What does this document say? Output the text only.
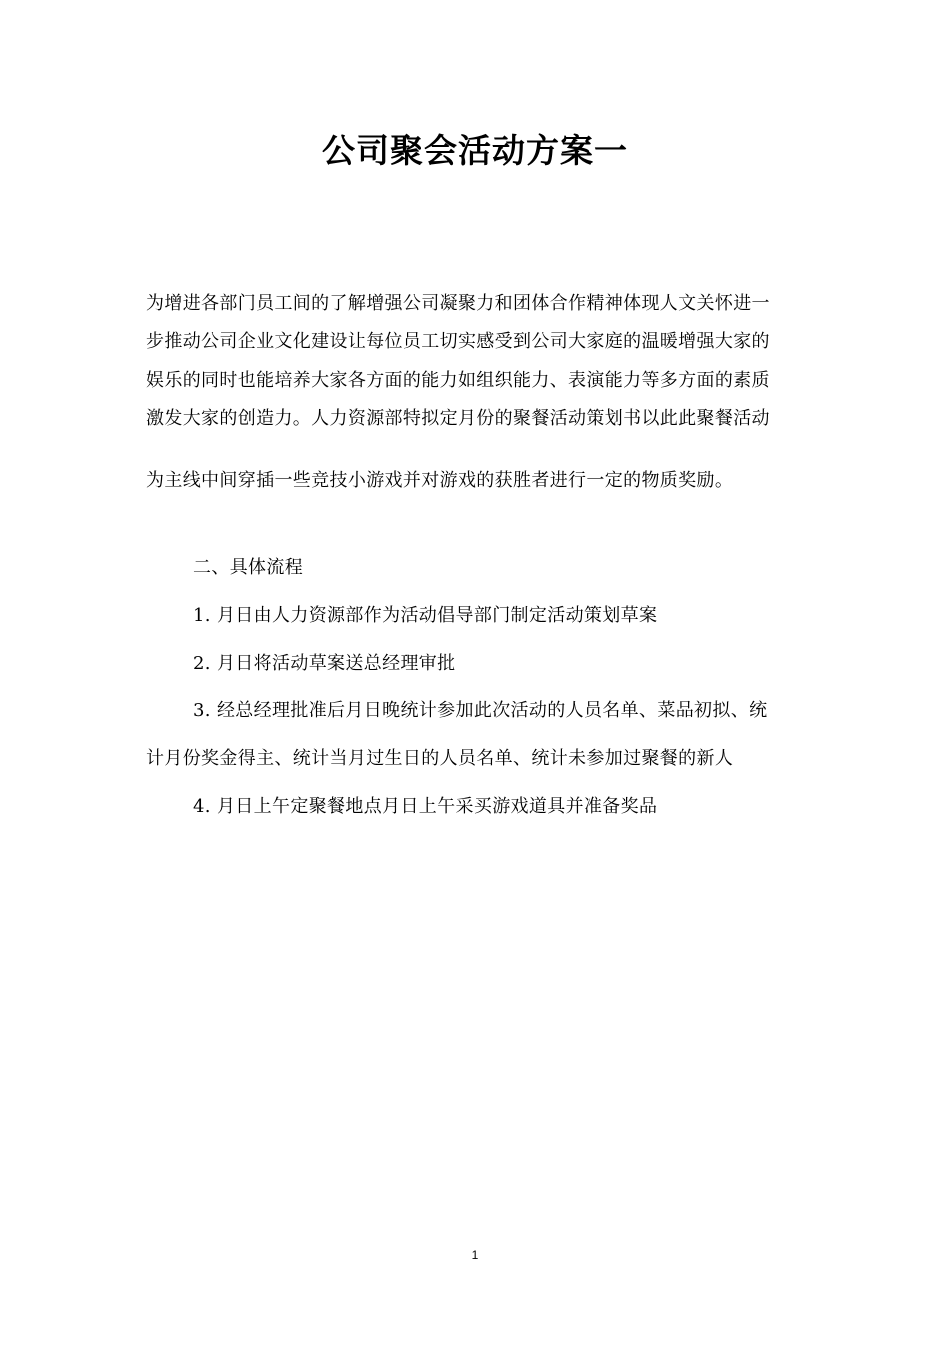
公司聚会活动方案一
为增进各部门员工间的了解增强公司凝聚力和团体合作精神体现人文关怀进一
步推动公司企业文化建设让每位员工切实感受到公司大家庭的温暖增强大家的
娱乐的同时也能培养大家各方面的能力如组织能力、表演能力等多方面的素质
激发大家的创造力。人力资源部特拟定月份的聚餐活动策划书以此此聚餐活动
为主线中间穿插一些竞技小游戏并对游戏的获胜者进行一定的物质奖励。
二、具体流程
1. 月日由人力资源部作为活动倡导部门制定活动策划草案
2. 月日将活动草案送总经理审批
3. 经总经理批准后月日晚统计参加此次活动的人员名单、菜品初拟、统
计月份奖金得主、统计当月过生日的人员名单、统计未参加过聚餐的新人
4. 月日上午定聚餐地点月日上午采买游戏道具并准备奖品
1
